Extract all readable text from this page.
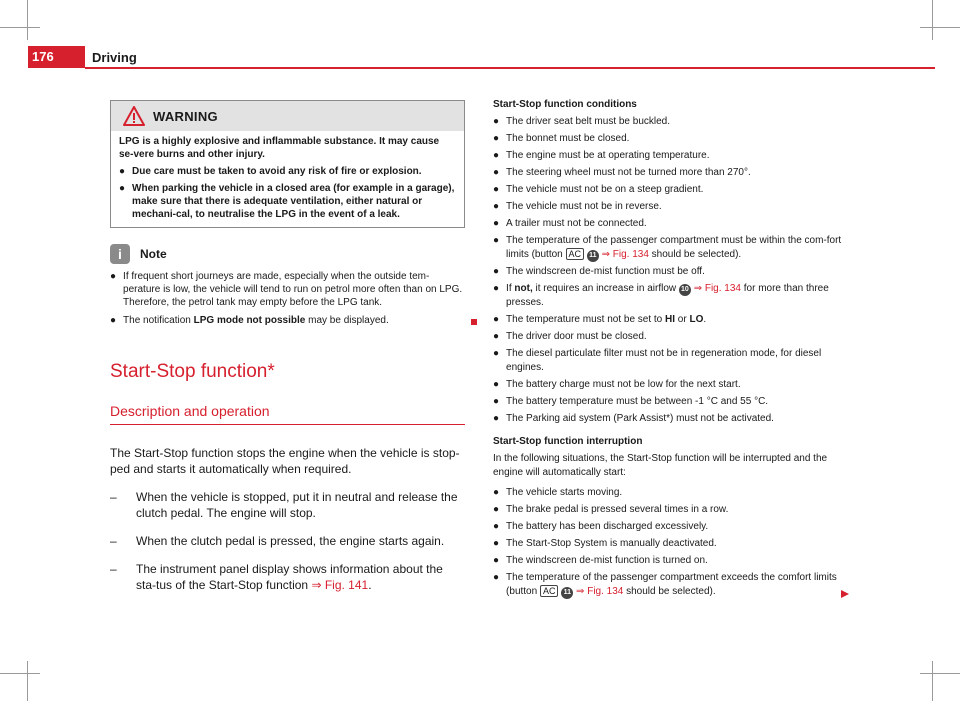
176	Driving
WARNING

LPG is a highly explosive and inflammable substance. It may cause se-vere burns and other injury.

● Due care must be taken to avoid any risk of fire or explosion.
● When parking the vehicle in a closed area (for example in a garage), make sure that there is adequate ventilation, either natural or mechani-cal, to neutralise the LPG in the event of a leak.
i	Note
● If frequent short journeys are made, especially when the outside tem-perature is low, the vehicle will tend to run on petrol more often than on LPG. Therefore, the petrol tank may empty before the LPG tank.
● The notification LPG mode not possible may be displayed.
Start-Stop function*
Description and operation

The Start-Stop function stops the engine when the vehicle is stop-ped and starts it automatically when required.

–	When the vehicle is stopped, put it in neutral and release the clutch pedal. The engine will stop.
–	When the clutch pedal is pressed, the engine starts again.
–	The instrument panel display shows information about the sta-tus of the Start-Stop function ⇒ Fig. 141.

Start-Stop function conditions

● The driver seat belt must be buckled.
● The bonnet must be closed.
● The engine must be at operating temperature.
● The steering wheel must not be turned more than 270°.
● The vehicle must not be on a steep gradient.
● The vehicle must not be in reverse.
● A trailer must not be connected.
● The temperature of the passenger compartment must be within the com-fort limits (button AC 11 ⇒ Fig. 134 should be selected).
● The windscreen de-mist function must be off.
● If not, it requires an increase in airflow 10 ⇒ Fig. 134 for more than three presses.
● The temperature must not be set to HI or LO.
● The driver door must be closed.
● The diesel particulate filter must not be in regeneration mode, for diesel engines.
● The battery charge must not be low for the next start.
● The battery temperature must be between -1 °C and 55 °C.
● The Parking aid system (Park Assist*) must not be activated.

Start-Stop function interruption

In the following situations, the Start-Stop function will be interrupted and the engine will automatically start:

● The vehicle starts moving.
● The brake pedal is pressed several times in a row.
● The battery has been discharged excessively.
● The Start-Stop System is manually deactivated.
● The windscreen de-mist function is turned on.
● The temperature of the passenger compartment exceeds the comfort limits (button AC 11 ⇒ Fig. 134 should be selected).
